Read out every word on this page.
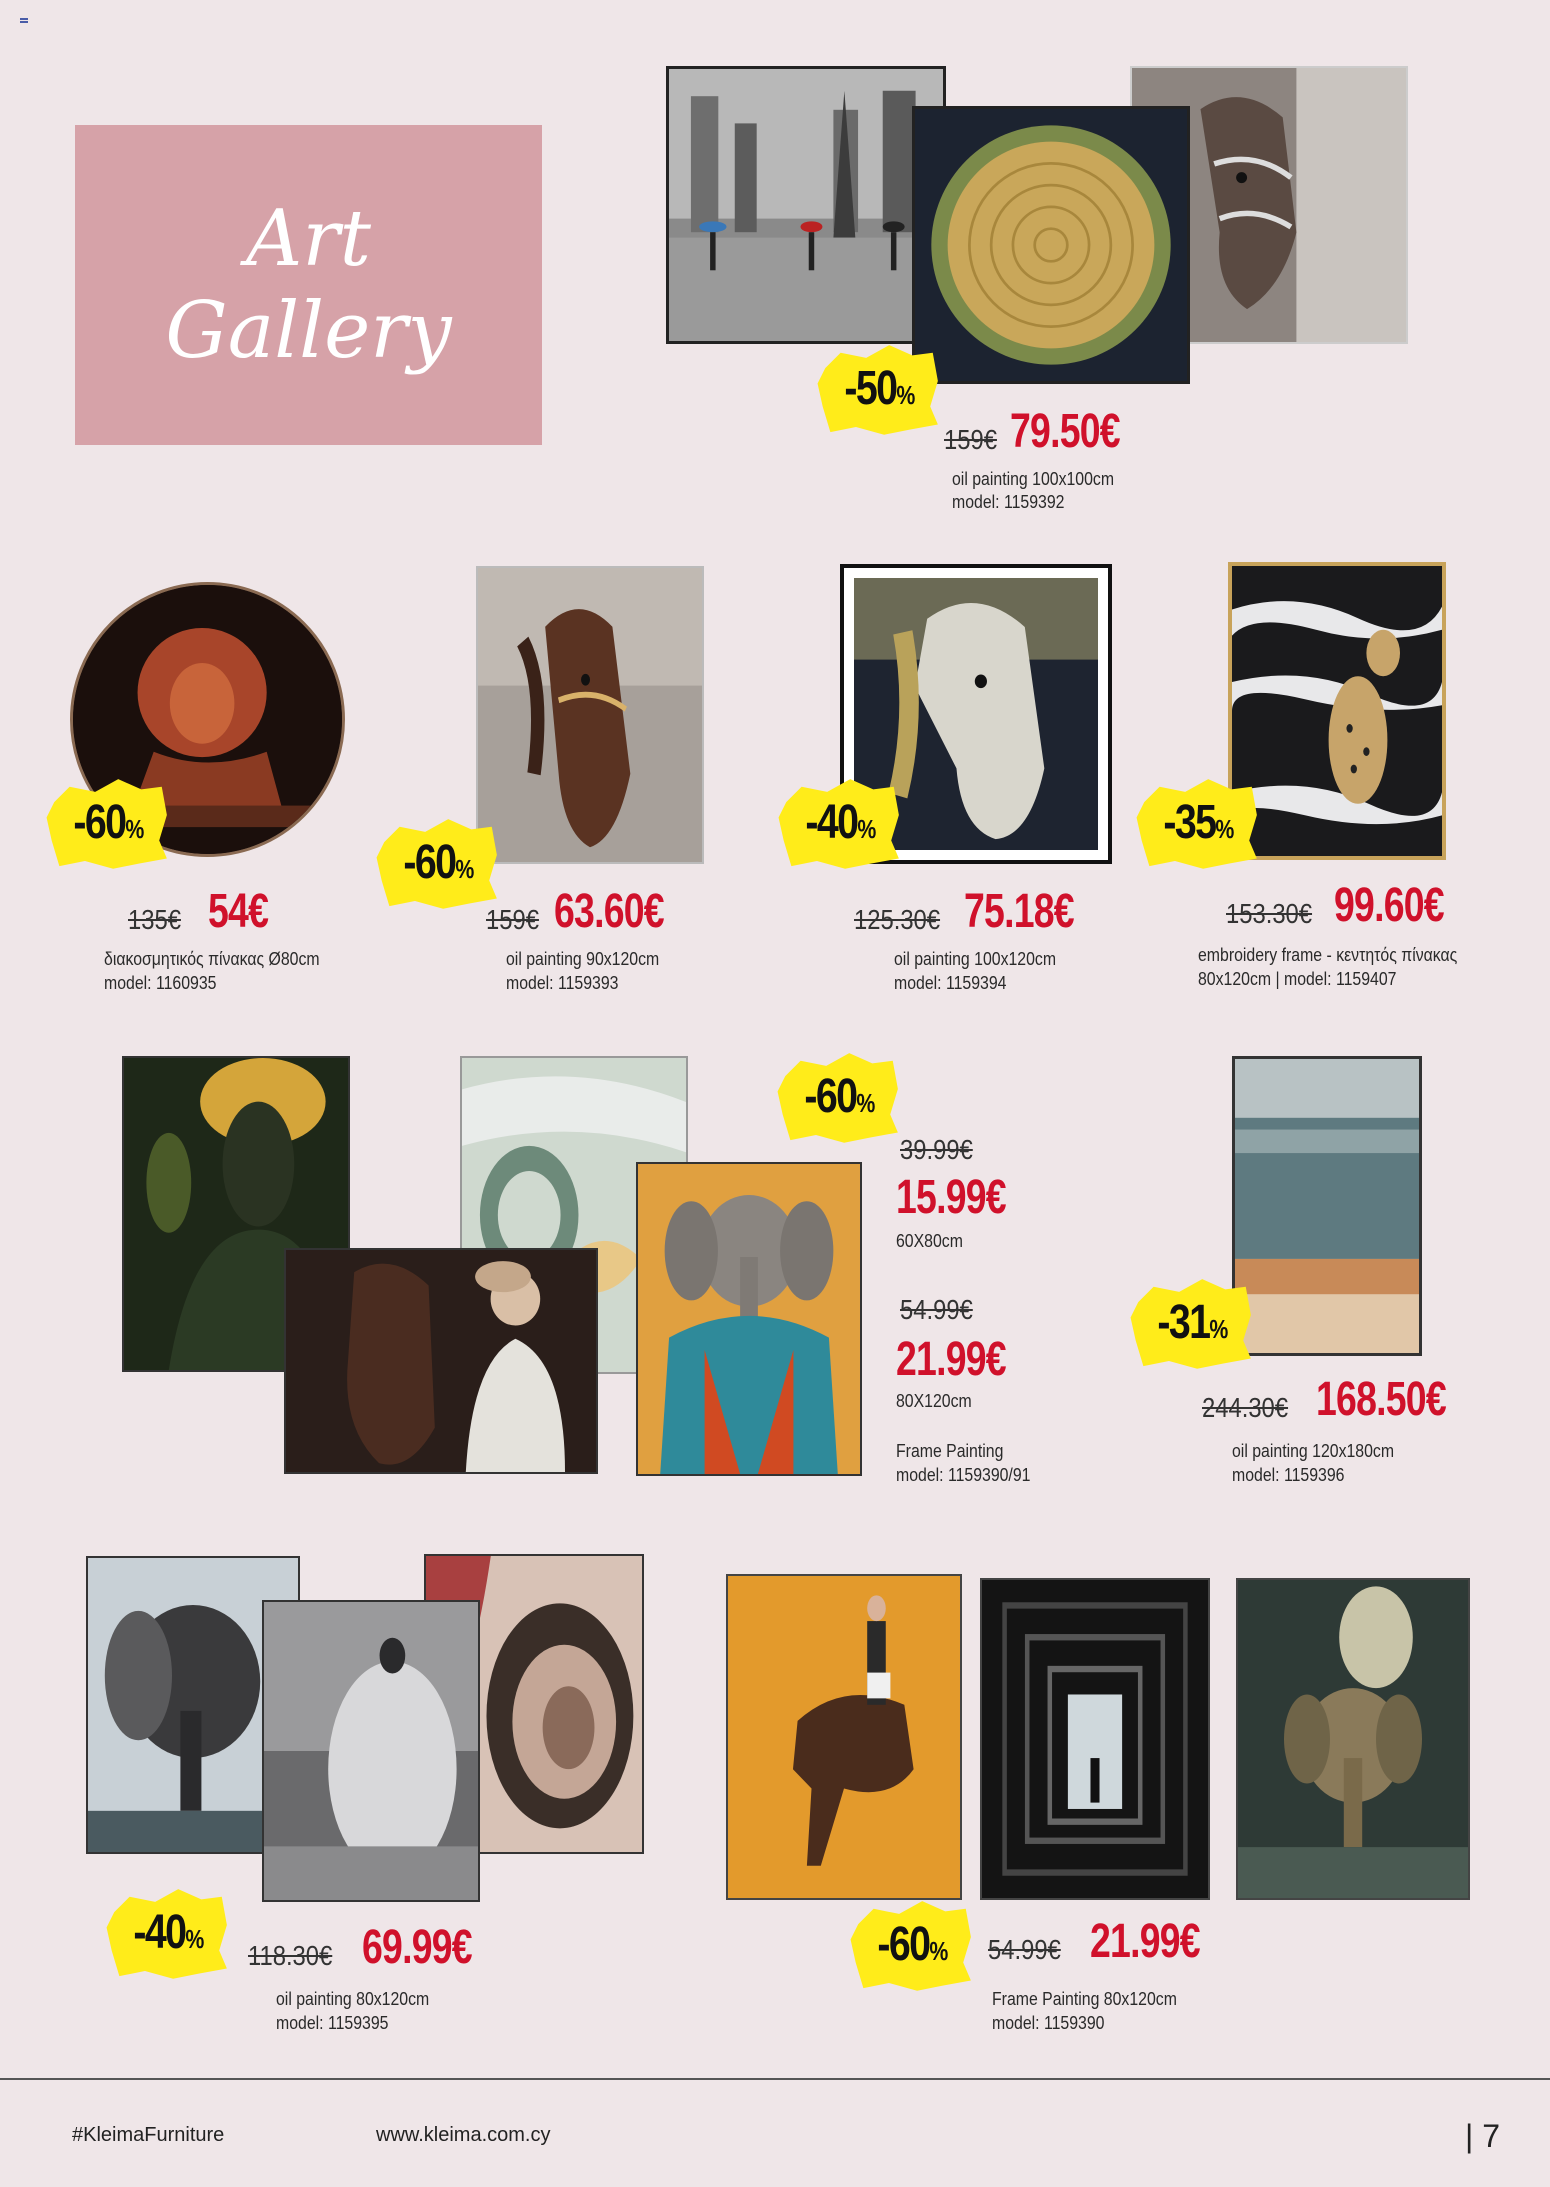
Art
Gallery
-50 %
159€ 79.50€
oil painting 100x100cm
model: 1159392
-60 %
135€ 54€
διακοσμητικός πίνακας Ø80cm
model: 1160935
-60 %
159€ 63.60€
oil painting 90x120cm
model: 1159393
-40 %
125.30€ 75.18€
oil painting 100x120cm
model: 1159394
-35 %
153.30€ 99.60€
embroidery frame - κεντητός πίνακας
80x120cm | model: 1159407
-60 %
39.99€
15.99€
60X80cm
54.99€
21.99€
80X120cm
Frame Painting
model: 1159390/91
-31 %
244.30€ 168.50€
oil painting 120x180cm
model: 1159396
-40 %
118.30€ 69.99€
oil painting 80x120cm
model: 1159395
-60 % 54.99€ 21.99€
Frame Painting 80x120cm
model: 1159390
#KleimaFurniture	www.kleima.com.cy	| 7
